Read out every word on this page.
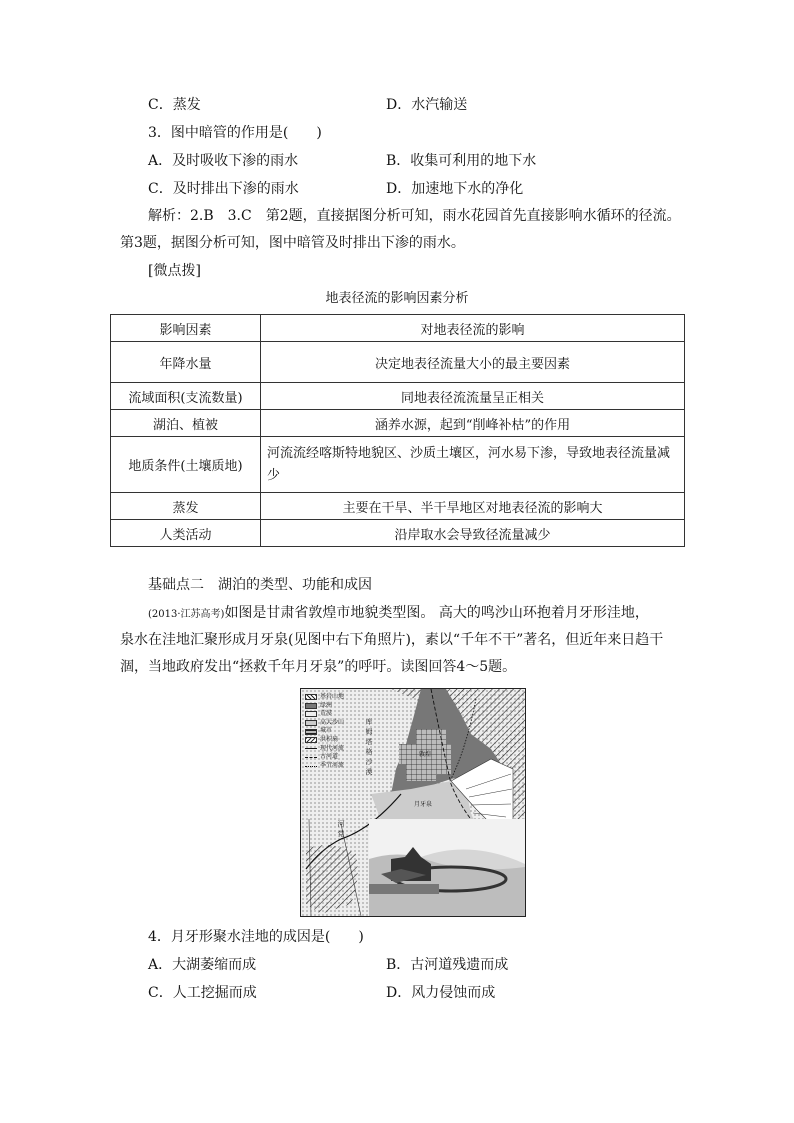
C．蒸发	D．水汽输送
3．图中暗管的作用是(　　)
A．及时吸收下渗的雨水	B．收集可利用的地下水
C．及时排出下渗的雨水	D．加速地下水的净化
解析：2.B　3.C　第2题，直接据图分析可知，雨水花园首先直接影响水循环的径流。
第3题，据图分析可知，图中暗管及时排出下渗的雨水。
[微点拨]
地表径流的影响因素分析
影响因素	对地表径流的影响
年降水量	决定地表径流量大小的最主要因素
流域面积(支流数量)	同地表径流流量呈正相关
湖泊、植被	涵养水源，起到“削峰补枯”的作用
地质条件(土壤质地)	河流流经喀斯特地貌区、沙质土壤区，河水易下渗，导致地表径流量减少
蒸发	主要在干旱、半干旱地区对地表径流的影响大
人类活动	沿岸取水会导致径流量减少
基础点二　湖泊的类型、功能和成因
(2013·江苏高考)如图是甘肃省敦煌市地貌类型图。 高大的鸣沙山环抱着月牙形洼地，
泉水在洼地汇聚形成月牙泉(见图中右下角照片)，素以“千年不干”著名，但近年来日趋干
涸，当地政府发出“拯救千年月牙泉”的呼吁。读图回答4～5题。
基岩山地
绿洲
荒漠
高大沙山
城市
洪积扇
现代河流
古河道
季节河流
库
姆
塔
格
沙
漠
河
党
敦煌
月牙泉
4．月牙形聚水洼地的成因是(　　)
A．大湖萎缩而成	B．古河道残遗而成
C．人工挖掘而成	D．风力侵蚀而成
